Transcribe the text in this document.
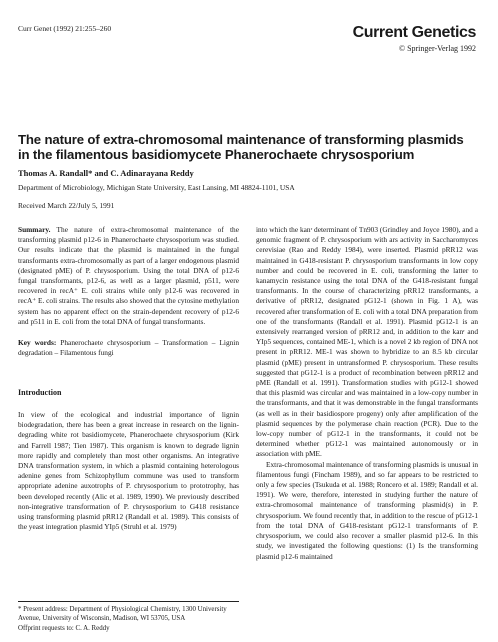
Curr Genet (1992) 21:255–260	Current Genetics
© Springer-Verlag 1992
The nature of extra-chromosomal maintenance of transforming plasmids in the filamentous basidiomycete Phanerochaete chrysosporium
Thomas A. Randall* and C. Adinarayana Reddy
Department of Microbiology, Michigan State University, East Lansing, MI 48824-1101, USA
Received March 22/July 5, 1991

Summary. The nature of extra-chromosomal maintenance of the transforming plasmid p12-6 in Phanerochaete chrysosporium was studied. Our results indicate that the plasmid is maintained in the fungal transformants extra-chromosomally as part of a larger endogenous plasmid (designated pME) of P. chrysosporium. Using the total DNA of p12-6 fungal transformants, p12-6, as well as a larger plasmid, p511, were recovered in recA⁺ E. coli strains while only p12-6 was recovered in recA⁺ E. coli strains. The results also showed that the cytosine methylation system has no apparent effect on the strain-dependent recovery of p12-6 and p511 in E. coli from the total DNA of fungal transformants.

Key words: Phanerochaete chrysosporium – Transformation – Lignin degradation – Filamentous fungi

Introduction

In view of the ecological and industrial importance of lignin biodegradation, there has been a great increase in research on the lignin-degrading white rot basidiomycete, Phanerochaete chrysosporium (Kirk and Farrell 1987; Tien 1987). This organism is known to degrade lignin more rapidly and completely than most other organisms. An integrative DNA transformation system, in which a plasmid containing heterologous adenine genes from Schizophyllum commune was used to transform appropriate adenine auxotrophs of P. chrysosporium to prototrophy, has been developed recently (Alic et al. 1989, 1990). We previously described non-integrative transformation of P. chrysosporium to G418 resistance using transforming plasmid pRR12 (Randall et al. 1989). This consists of the yeast integration plasmid YIp5 (Struhl et al. 1979)

into which the kanʳ determinant of Tn903 (Grindley and Joyce 1980), and a genomic fragment of P. chrysosporium with ars activity in Saccharomyces cerevisiae (Rao and Reddy 1984), were inserted. Plasmid pRR12 was maintained in G418-resistant P. chrysosporium transformants in low copy number and could be recovered in E. coli, transforming the latter to kanamycin resistance using the total DNA of the G418-resistant fungal transformants. In the course of characterizing pRR12 transformants, a derivative of pRR12, designated pG12-1 (shown in Fig. 1 A), was recovered after transformation of E. coli with a total DNA preparation from one of the transformants (Randall et al. 1991). Plasmid pG12-1 is an extensively rearranged version of pRR12 and, in addition to the kanʳ and YIp5 sequences, contained ME-1, which is a novel 2 kb region of DNA not present in pRR12. ME-1 was shown to hybridize to an 8.5 kb circular plasmid (pME) present in untransformed P. chrysosporium. These results suggested that pG12-1 is a product of recombination between pRR12 and pME (Randall et al. 1991). Transformation studies with pG12-1 showed that this plasmid was circular and was maintained in a low-copy number in the transformants, and that it was demonstrable in the fungal transformants (as well as in their basidiospore progeny) only after amplification of the plasmid sequences by the polymerase chain reaction (PCR). Due to the low-copy number of pG12-1 in the transformants, it could not be determined whether pG12-1 was maintained autonomously or in association with pME.

Extra-chromosomal maintenance of transforming plasmids is unusual in filamentous fungi (Fincham 1989), and so far appears to be restricted to only a few species (Tsukuda et al. 1988; Roncero et al. 1989; Randall et al. 1991). We were, therefore, interested in studying further the nature of extra-chromosomal maintenance of transforming plasmid(s) in P. chrysosporium. We found recently that, in addition to the rescue of pG12-1 from the total DNA of G418-resistant pG12-1 transformants of P. chrysosporium, we could also recover a smaller plasmid p12-6. In this study, we investigated the following questions: (1) Is the transforming plasmid p12-6 maintained

* Present address: Department of Physiological Chemistry, 1300 University Avenue, University of Wisconsin, Madison, WI 53705, USA

Offprint requests to: C. A. Reddy
